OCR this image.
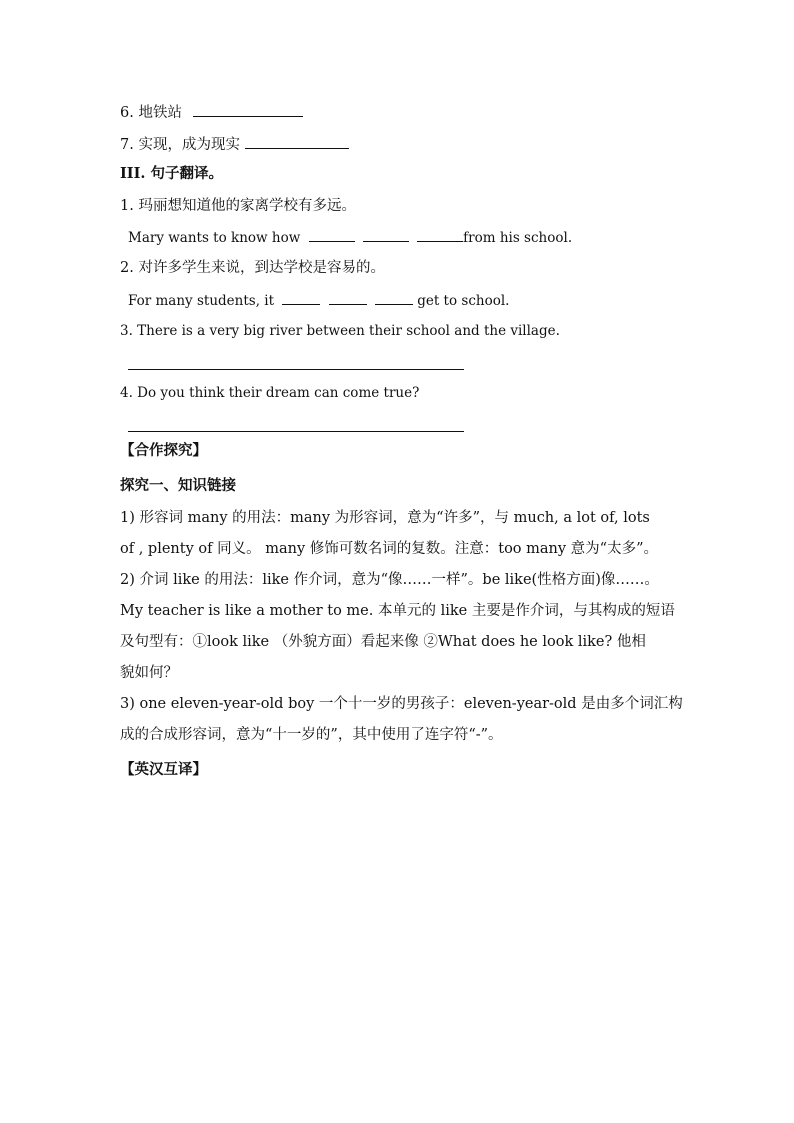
6. 地铁站
7. 实现，成为现实
III. 句子翻译。
1. 玛丽想知道他的家离学校有多远。
Mary wants to know how	from his school.
2. 对许多学生来说，到达学校是容易的。
For many students, it	get to school.
3. There is a very big river between their school and the village.
4. Do you think their dream can come true?
【合作探究】
探究一、知识链接
1) 形容词 many 的用法：many 为形容词，意为“许多”，与 much, a lot of, lots
of , plenty of 同义。 many 修饰可数名词的复数。注意：too many 意为“太多”。
2) 介词 like 的用法：like 作介词，意为“像……一样”。be like(性格方面)像……。
My teacher is like a mother to me. 本单元的 like 主要是作介词，与其构成的短语
及句型有：①look like （外貌方面）看起来像 ②What does he look like? 他相
貌如何？
3) one eleven-year-old boy 一个十一岁的男孩子：eleven-year-old 是由多个词汇构
成的合成形容词，意为“十一岁的”，其中使用了连字符“-”。
【英汉互译】
